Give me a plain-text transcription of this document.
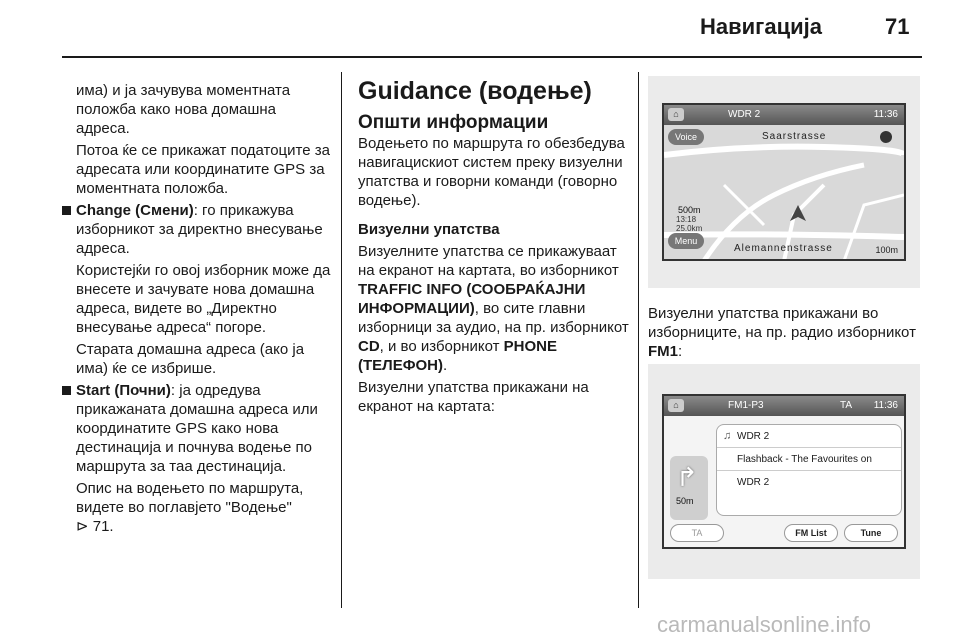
Навигација	71

има) и ја зачувува моментната положба како нова домашна адреса.

Потоа ќе се прикажат податоците за адресата или координатите GPS за моментната положба.

Change (Смени): го прикажува изборникот за директно внесување адреса.

Користејќи го овој изборник може да внесете и зачувате нова домашна адреса, видете во „Директно внесување адреса“ погоре.

Старата домашна адреса (ако ја има) ќе се избрише.

Start (Почни): ја одредува прикажаната домашна адреса или координатите GPS како нова дестинација и почнува водење по маршрута за таа дестинација.

Опис на водењето по маршрута, видете во поглавјето "Водење"
⊳ 71.

Guidance (водење)
Општи информации

Водењето по маршрута го обезбедува навигацискиот систем преку визуелни упатства и говорни команди (говорно водење).

Визуелни упатства

Визуелните упатства се прикажуваат на екранот на картата, во изборникот TRAFFIC INFO (СООБРАЌАЈНИ ИНФОРМАЦИИ), во сите главни изборници за аудио, на пр. изборникот CD, и во изборникот PHONE (ТЕЛЕФОН).

Визуелни упатства прикажани на екранот на картата:

⌂	WDR 2	11:36
Saarstrasse
Voice
500m
13:18
25.0km
Menu
Alemannenstrasse	100m
Визуелни упатства прикажани во изборниците, на пр. радио изборникот FM1:
⌂	FM1-P3	TA 11:36
↱
50m
♫ WDR 2
Flashback - The Favourites on
WDR 2
TA	FM List	Tune
carmanualsonline.info
